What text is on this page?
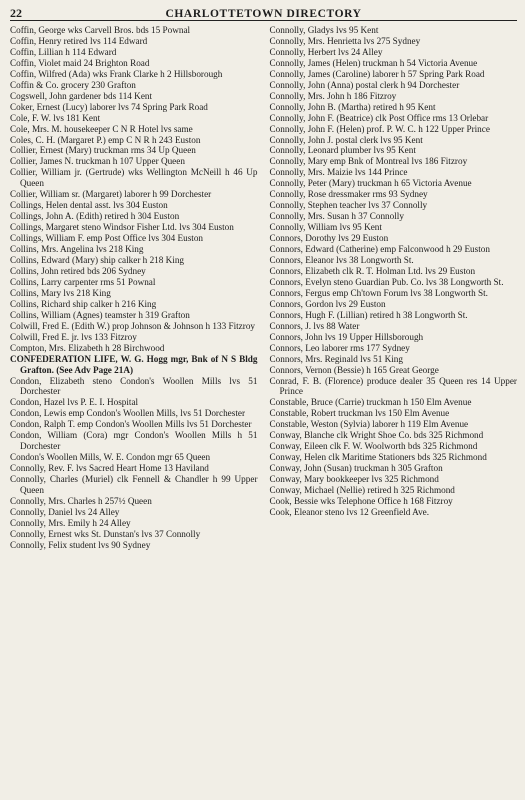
22	CHARLOTTETOWN DIRECTORY
Coffin, George wks Carvell Bros. bds 15 Pownal
Coffin, Henry retired lvs 114 Edward
Coffin, Lillian h 114 Edward
Coffin, Violet maid 24 Brighton Road
Coffin, Wilfred (Ada) wks Frank Clarke h 2 Hillsborough
Coffin & Co. grocery 230 Grafton
Cogswell, John gardener bds 114 Kent
Coker, Ernest (Lucy) laborer lvs 74 Spring Park Road
Cole, F. W. lvs 181 Kent
Cole, Mrs. M. housekeeper C N R Hotel lvs same
Coles, C. H. (Margaret P.) emp C N R h 243 Euston
Collier, Ernest (Mary) truckman rms 34 Up Queen
Collier, James N. truckman h 107 Upper Queen
Collier, William jr. (Gertrude) wks Wellington McNeill h 46 Up Queen
Collier, William sr. (Margaret) laborer h 99 Dorchester
Collings, Helen dental asst. lvs 304 Euston
Collings, John A. (Edith) retired h 304 Euston
Collings, Margaret steno Windsor Fisher Ltd. lvs 304 Euston
Collings, William F. emp Post Office lvs 304 Euston
Collins, Mrs. Angelina lvs 218 King
Collins, Edward (Mary) ship calker h 218 King
Collins, John retired bds 206 Sydney
Collins, Larry carpenter rms 51 Pownal
Collins, Mary lvs 218 King
Collins, Richard ship calker h 216 King
Collins, William (Agnes) teamster h 319 Grafton
Colwill, Fred E. (Edith W.) prop Johnson & Johnson h 133 Fitzroy
Colwill, Fred E. jr. lvs 133 Fitzroy
Compton, Mrs. Elizabeth h 28 Birchwood
CONFEDERATION LIFE, W. G. Hogg mgr, Bnk of N S Bldg Grafton. (See Adv Page 21A)
Condon, Elizabeth steno Condon's Woollen Mills lvs 51 Dorchester
Condon, Hazel lvs P. E. I. Hospital
Condon, Lewis emp Condon's Woollen Mills, lvs 51 Dorchester
Condon, Ralph T. emp Condon's Woollen Mills lvs 51 Dorchester
Condon, William (Cora) mgr Condon's Woollen Mills h 51 Dorchester
Condon's Woollen Mills, W. E. Condon mgr 65 Queen
Connolly, Rev. F. lvs Sacred Heart Home 13 Haviland
Connolly, Charles (Muriel) clk Fennell & Chandler h 99 Upper Queen
Connolly, Mrs. Charles h 257½ Queen
Connolly, Daniel lvs 24 Alley
Connolly, Mrs. Emily h 24 Alley
Connolly, Ernest wks St. Dunstan's lvs 37 Connolly
Connolly, Felix student lvs 90 Sydney
Connolly, Gladys lvs 95 Kent
Connolly, Mrs. Henrietta lvs 275 Sydney
Connolly, Herbert lvs 24 Alley
Connolly, James (Helen) truckman h 54 Victoria Avenue
Connolly, James (Caroline) laborer h 57 Spring Park Road
Connolly, John (Anna) postal clerk h 94 Dorchester
Connolly, Mrs. John h 186 Fitzroy
Connolly, John B. (Martha) retired h 95 Kent
Connolly, John F. (Beatrice) clk Post Office rms 13 Orlebar
Connolly, John F. (Helen) prof. P. W. C. h 122 Upper Prince
Connolly, John J. postal clerk lvs 95 Kent
Connolly, Leonard plumber lvs 95 Kent
Connolly, Mary emp Bnk of Montreal lvs 186 Fitzroy
Connolly, Mrs. Maizie lvs 144 Prince
Connolly, Peter (Mary) truckman h 65 Victoria Avenue
Connolly, Rose dressmaker rms 93 Sydney
Connolly, Stephen teacher lvs 37 Connolly
Connolly, Mrs. Susan h 37 Connolly
Connolly, William lvs 95 Kent
Connors, Dorothy lvs 29 Euston
Connors, Edward (Catherine) emp Falconwood h 29 Euston
Connors, Eleanor lvs 38 Longworth St.
Connors, Elizabeth clk R. T. Holman Ltd. lvs 29 Euston
Connors, Evelyn steno Guardian Pub. Co. lvs 38 Longworth St.
Connors, Fergus emp Ch'town Forum lvs 38 Longworth St.
Connors, Gordon lvs 29 Euston
Connors, Hugh F. (Lillian) retired h 38 Longworth St.
Connors, J. lvs 88 Water
Connors, John lvs 19 Upper Hillsborough
Connors, Leo laborer rms 177 Sydney
Connors, Mrs. Reginald lvs 51 King
Connors, Vernon (Bessie) h 165 Great George
Conrad, F. B. (Florence) produce dealer 35 Queen res 14 Upper Prince
Constable, Bruce (Carrie) truckman h 150 Elm Avenue
Constable, Robert truckman lvs 150 Elm Avenue
Constable, Weston (Sylvia) laborer h 119 Elm Avenue
Conway, Blanche clk Wright Shoe Co. bds 325 Richmond
Conway, Eileen clk F. W. Woolworth bds 325 Richmond
Conway, Helen clk Maritime Stationers bds 325 Richmond
Conway, John (Susan) truckman h 305 Grafton
Conway, Mary bookkeeper lvs 325 Richmond
Conway, Michael (Nellie) retired h 325 Richmond
Cook, Bessie wks Telephone Office h 168 Fitzroy
Cook, Eleanor steno lvs 12 Greenfield Ave.
